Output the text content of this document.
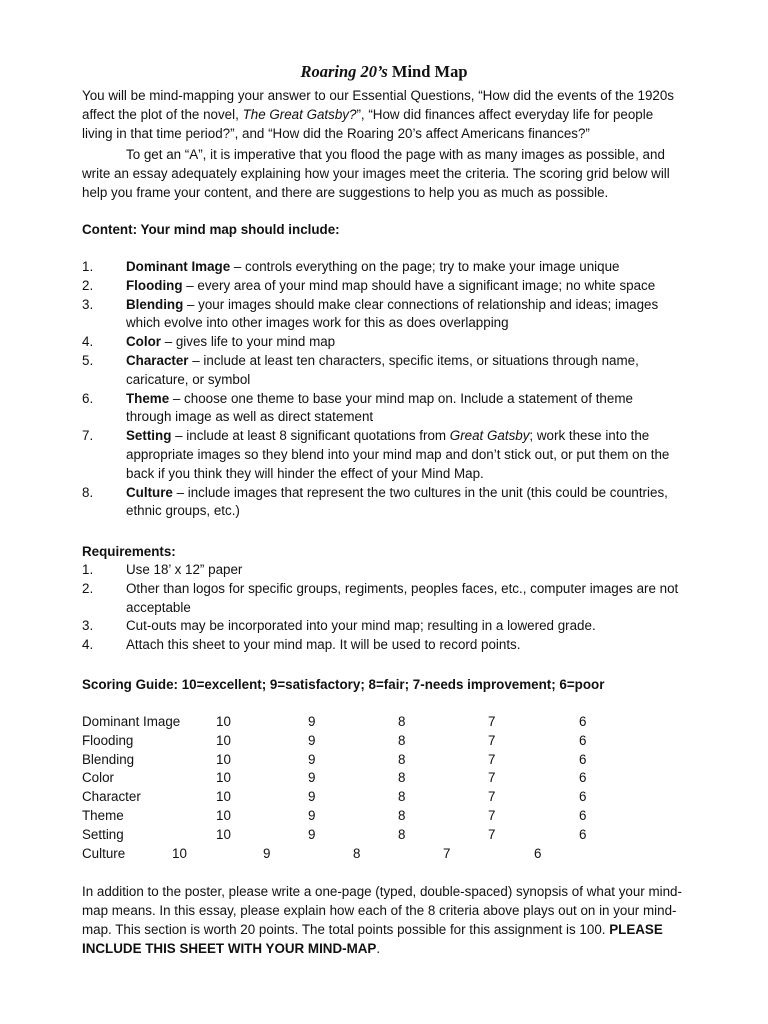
Roaring 20’s Mind Map

You will be mind-mapping your answer to our Essential Questions, “How did the events of the 1920s affect the plot of the novel, The Great Gatsby?”, “How did finances affect everyday life for people living in that time period?”, and “How did the Roaring 20’s affect Americans finances?”

To get an “A”, it is imperative that you flood the page with as many images as possible, and write an essay adequately explaining how your images meet the criteria. The scoring grid below will help you frame your content, and there are suggestions to help you as much as possible.

Content: Your mind map should include:
1.	Dominant Image – controls everything on the page; try to make your image unique
2.	Flooding – every area of your mind map should have a significant image; no white space
3.	Blending – your images should make clear connections of relationship and ideas; images which evolve into other images work for this as does overlapping
4.	Color – gives life to your mind map
5.	Character – include at least ten characters, specific items, or situations through name, caricature, or symbol
6.	Theme – choose one theme to base your mind map on. Include a statement of theme through image as well as direct statement
7.	Setting – include at least 8 significant quotations from Great Gatsby; work these into the appropriate images so they blend into your mind map and don’t stick out, or put them on the back if you think they will hinder the effect of your Mind Map.
8.	Culture – include images that represent the two cultures in the unit (this could be countries, ethnic groups, etc.)
Requirements:
1.	Use 18’ x 12” paper
2.	Other than logos for specific groups, regiments, peoples faces, etc., computer images are not acceptable
3.	Cut-outs may be incorporated into your mind map; resulting in a lowered grade.
4.	Attach this sheet to your mind map. It will be used to record points.
Scoring Guide: 10=excellent; 9=satisfactory; 8=fair; 7-needs improvement; 6=poor
Dominant Image	10	9	8	7	6
Flooding	10	9	8	7	6
Blending	10	9	8	7	6
Color	10	9	8	7	6
Character	10	9	8	7	6
Theme	10	9	8	7	6
Setting	10	9	8	7	6
Culture	10	9	8	7	6

In addition to the poster, please write a one-page (typed, double-spaced) synopsis of what your mind-map means. In this essay, please explain how each of the 8 criteria above plays out on in your mind-map. This section is worth 20 points. The total points possible for this assignment is 100. PLEASE INCLUDE THIS SHEET WITH YOUR MIND-MAP.
